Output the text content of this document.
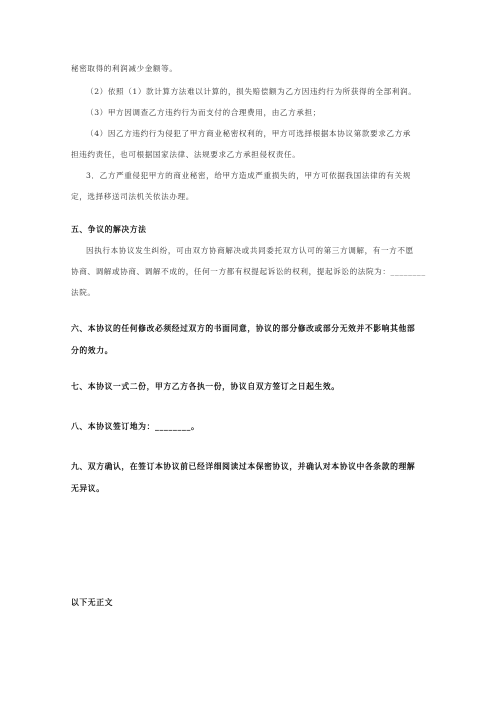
秘密取得的利润减少金额等。
（2）依照（1）款计算方法难以计算的，损失赔偿额为乙方因违约行为所获得的全部利润。
（3）甲方因调查乙方违约行为而支付的合理费用，由乙方承担；
（4）因乙方违约行为侵犯了甲方商业秘密权利的，甲方可选择根据本协议第款要求乙方承
担违约责任，也可根据国家法律、法规要求乙方承担侵权责任。
3．乙方严重侵犯甲方的商业秘密，给甲方造成严重损失的，甲方可依据我国法律的有关规
定，选择移送司法机关依法办理。
五、争议的解决方法
因执行本协议发生纠纷，可由双方协商解决或共同委托双方认可的第三方调解，有一方不愿
协商、调解或协商、调解不成的，任何一方都有权提起诉讼的权利，提起诉讼的法院为：________
法院。
六、本协议的任何修改必须经过双方的书面同意，协议的部分修改或部分无效并不影响其他部
分的效力。
七、本协议一式二份，甲方乙方各执一份，协议自双方签订之日起生效。
八、本协议签订地为：________。
九、双方确认，在签订本协议前已经详细阅读过本保密协议，并确认对本协议中各条款的理解
无异议。
以下无正文
